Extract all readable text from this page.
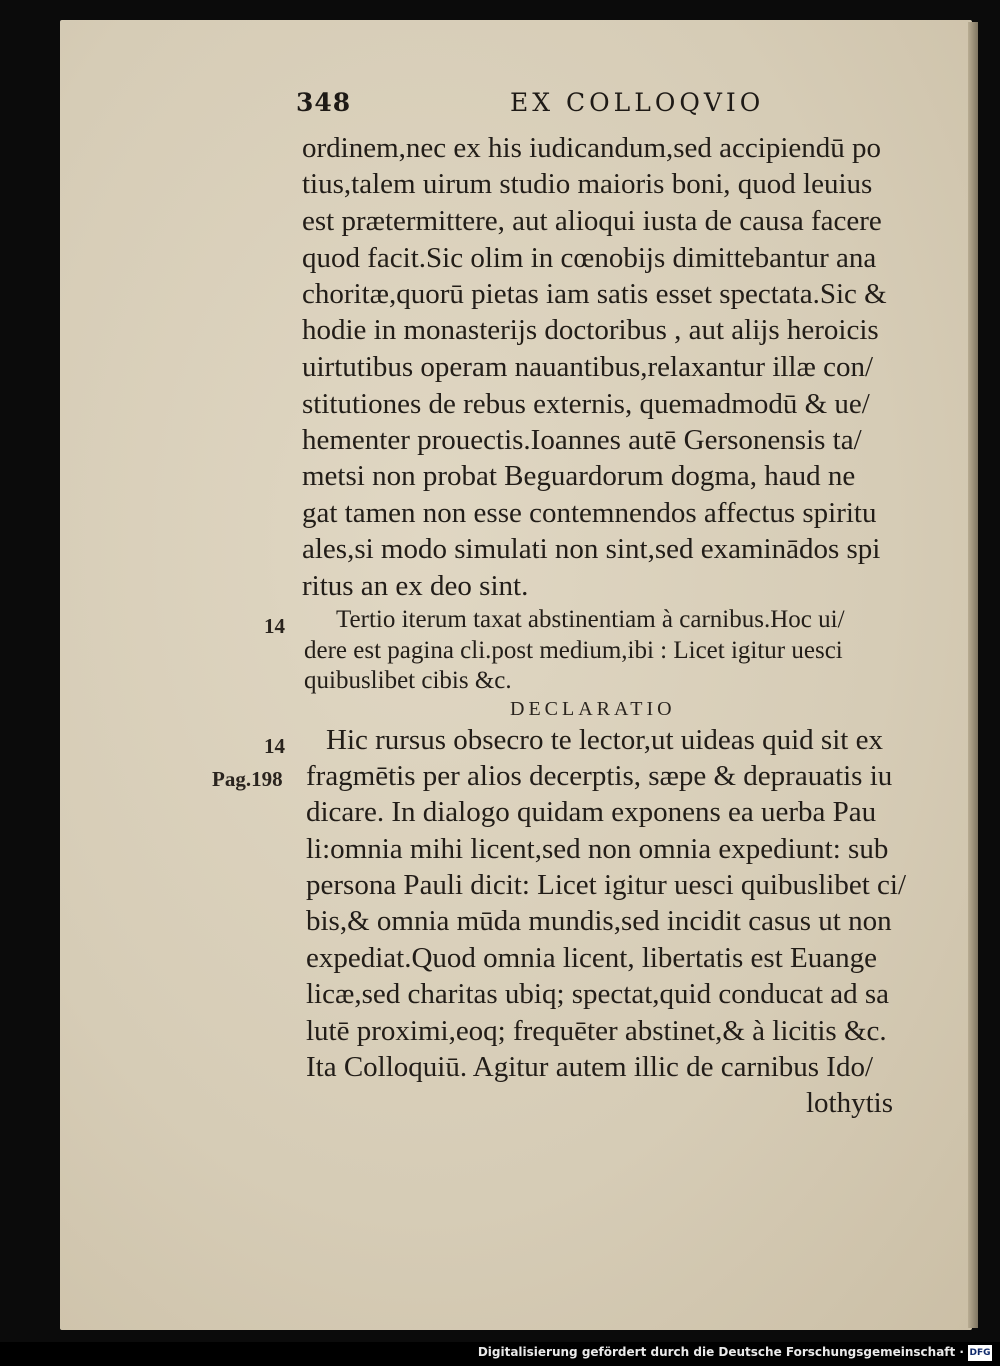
348	EX COLLOQVIO
ordinem,nec ex his iudicandum,sed accipiendū po
tius,talem uirum studio maioris boni, quod leuius
est prætermittere, aut alioqui iusta de causa facere
quod facit.Sic olim in cœnobijs dimittebantur ana
choritæ,quorū pietas iam satis esset spectata.Sic &
hodie in monasterijs doctoribus , aut alijs heroicis
uirtutibus operam nauantibus,relaxantur illæ con/
stitutiones de rebus externis, quemadmodū & ue/
hementer prouectis.Ioannes autē Gersonensis ta/
metsi non probat Beguardorum dogma, haud ne
gat tamen non esse contemnendos affectus spiritu
ales,si modo simulati non sint,sed examinādos spi
ritus an ex deo sint.
14 Tertio iterum taxat abstinentiam à carnibus.Hoc ui/
dere est pagina cli.post medium,ibi : Licet igitur uesci
quibuslibet cibis &c.
DECLARATIO
14
Pag.198
Hic rursus obsecro te lector,ut uideas quid sit ex
fragmētis per alios decerptis, sæpe & deprauatis iu
dicare. In dialogo quidam exponens ea uerba Pau
li:omnia mihi licent,sed non omnia expediunt: sub
persona Pauli dicit: Licet igitur uesci quibuslibet ci/
bis,& omnia mūda mundis,sed incidit casus ut non
expediat.Quod omnia licent, libertatis est Euange
licæ,sed charitas ubiq; spectat,quid conducat ad sa
lutē proximi,eoq; frequēter abstinet,& à licitis &c.
Ita Colloquiū. Agitur autem illic de carnibus Ido/
lothytis
Digitalisierung gefördert durch die Deutsche Forschungsgemeinschaft · DFG
